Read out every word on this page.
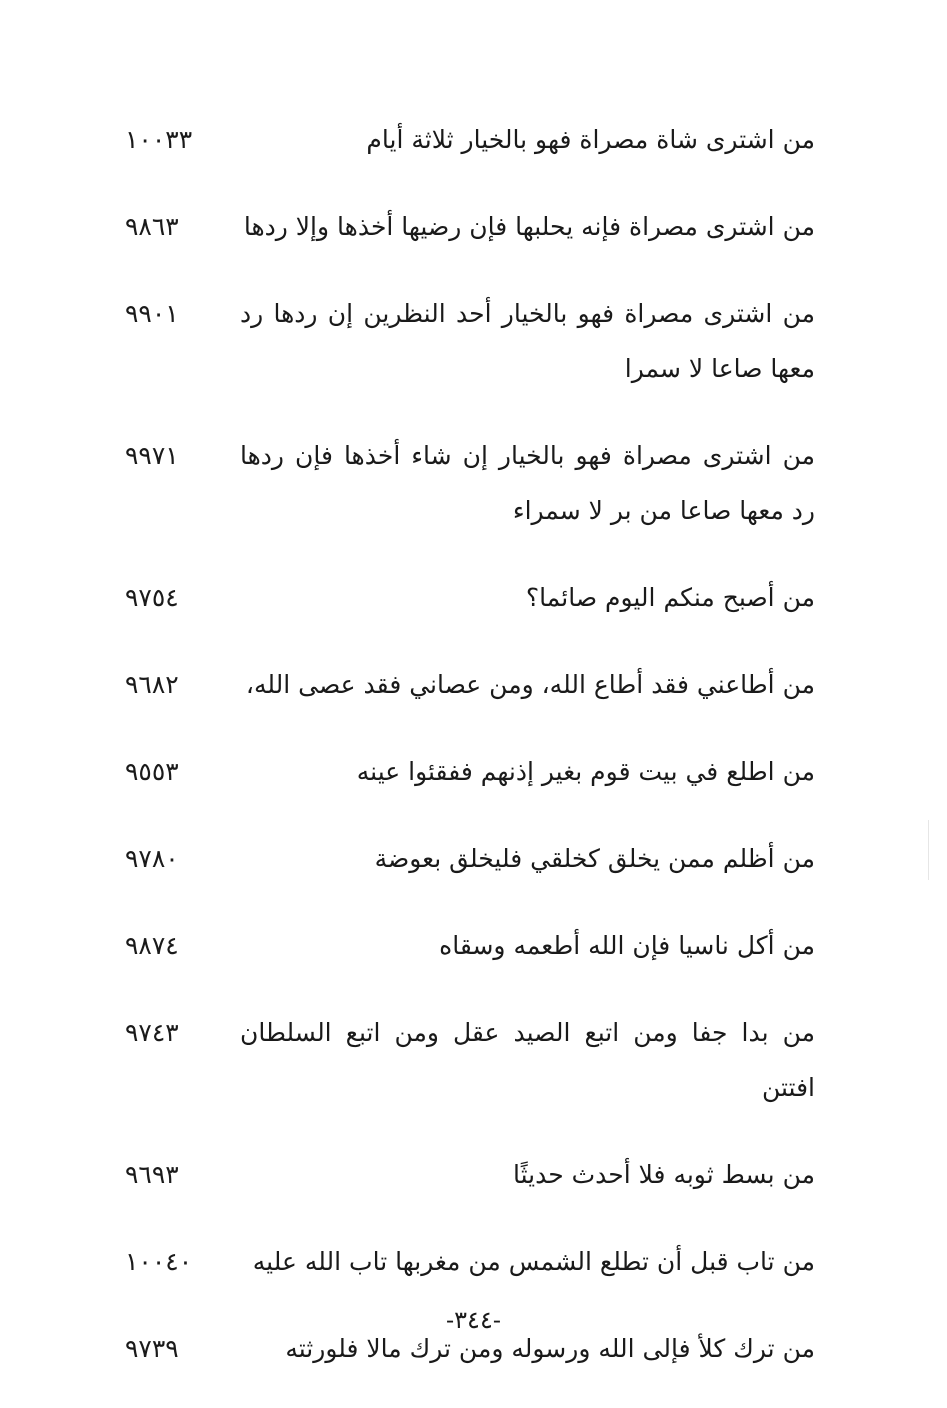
من اشترى شاة مصراة فهو بالخيار ثلاثة أيام
١٠٠٣٣
من اشترى مصراة فإنه يحلبها فإن رضيها أخذها وإلا ردها
٩٨٦٣
من اشترى مصراة فهو بالخيار أحد النظرين إن ردها رد معها صاعا لا سمرا
٩٩٠١
من اشترى مصراة فهو بالخيار إن شاء أخذها فإن ردها رد معها صاعا من بر لا سمراء
٩٩٧١
من أصبح منكم اليوم صائما؟
٩٧٥٤
من أطاعني فقد أطاع الله، ومن عصاني فقد عصى الله،
٩٦٨٢
من اطلع في بيت قوم بغير إذنهم ففقئوا عينه
٩٥٥٣
من أظلم ممن يخلق كخلقي فليخلق بعوضة
٩٧٨٠
من أكل ناسيا فإن الله أطعمه وسقاه
٩٨٧٤
من بدا جفا ومن اتبع الصيد عقل ومن اتبع السلطان افتتن
٩٧٤٣
من بسط ثوبه فلا أحدث حديثًا
٩٦٩٣
من تاب قبل أن تطلع الشمس من مغربها تاب الله عليه
١٠٠٤٠
من ترك كلأ فإلى الله ورسوله ومن ترك مالا فلورثته
٩٧٣٩
-٣٤٤-
